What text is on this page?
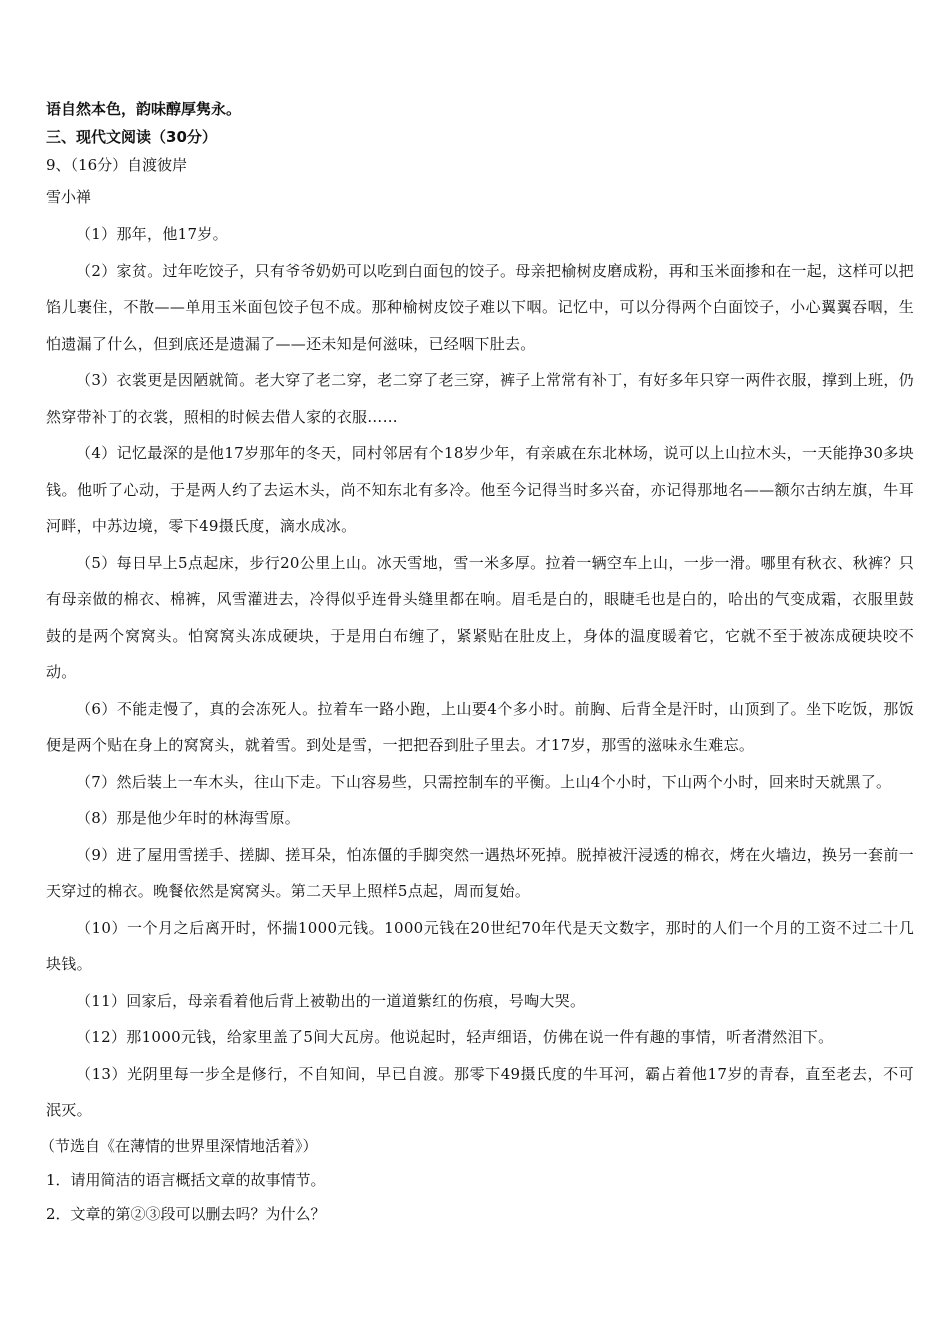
语自然本色，韵味醇厚隽永。

三、现代文阅读（30分）

9、（16分）自渡彼岸

雪小禅

（1）那年，他17岁。

（2）家贫。过年吃饺子，只有爷爷奶奶可以吃到白面包的饺子。母亲把榆树皮磨成粉，再和玉米面掺和在一起，这样可以把馅儿裹住，不散——单用玉米面包饺子包不成。那种榆树皮饺子难以下咽。记忆中，可以分得两个白面饺子，小心翼翼吞咽，生怕遗漏了什么，但到底还是遗漏了——还未知是何滋味，已经咽下肚去。

（3）衣裳更是因陋就简。老大穿了老二穿，老二穿了老三穿，裤子上常常有补丁，有好多年只穿一两件衣服，撑到上班，仍然穿带补丁的衣裳，照相的时候去借人家的衣服……

（4）记忆最深的是他17岁那年的冬天，同村邻居有个18岁少年，有亲戚在东北林场，说可以上山拉木头，一天能挣30多块钱。他听了心动，于是两人约了去运木头，尚不知东北有多冷。他至今记得当时多兴奋，亦记得那地名——额尔古纳左旗，牛耳河畔，中苏边境，零下49摄氏度，滴水成冰。

（5）每日早上5点起床，步行20公里上山。冰天雪地，雪一米多厚。拉着一辆空车上山，一步一滑。哪里有秋衣、秋裤？只有母亲做的棉衣、棉裤，风雪灌进去，冷得似乎连骨头缝里都在响。眉毛是白的，眼睫毛也是白的，哈出的气变成霜，衣服里鼓鼓的是两个窝窝头。怕窝窝头冻成硬块，于是用白布缠了，紧紧贴在肚皮上，身体的温度暖着它，它就不至于被冻成硬块咬不动。

（6）不能走慢了，真的会冻死人。拉着车一路小跑，上山要4个多小时。前胸、后背全是汗时，山顶到了。坐下吃饭，那饭便是两个贴在身上的窝窝头，就着雪。到处是雪，一把把吞到肚子里去。才17岁，那雪的滋味永生难忘。

（7）然后装上一车木头，往山下走。下山容易些，只需控制车的平衡。上山4个小时，下山两个小时，回来时天就黑了。

（8）那是他少年时的林海雪原。

（9）进了屋用雪搓手、搓脚、搓耳朵，怕冻僵的手脚突然一遇热坏死掉。脱掉被汗浸透的棉衣，烤在火墙边，换另一套前一天穿过的棉衣。晚餐依然是窝窝头。第二天早上照样5点起，周而复始。

（10）一个月之后离开时，怀揣1000元钱。1000元钱在20世纪70年代是天文数字，那时的人们一个月的工资不过二十几块钱。

（11）回家后，母亲看着他后背上被勒出的一道道紫红的伤痕，号啕大哭。

（12）那1000元钱，给家里盖了5间大瓦房。他说起时，轻声细语，仿佛在说一件有趣的事情，听者潸然泪下。

（13）光阴里每一步全是修行，不自知间，早已自渡。那零下49摄氏度的牛耳河，霸占着他17岁的青春，直至老去，不可泯灭。

（节选自《在薄情的世界里深情地活着》）

1．请用简洁的语言概括文章的故事情节。

2．文章的第②③段可以删去吗？为什么？
